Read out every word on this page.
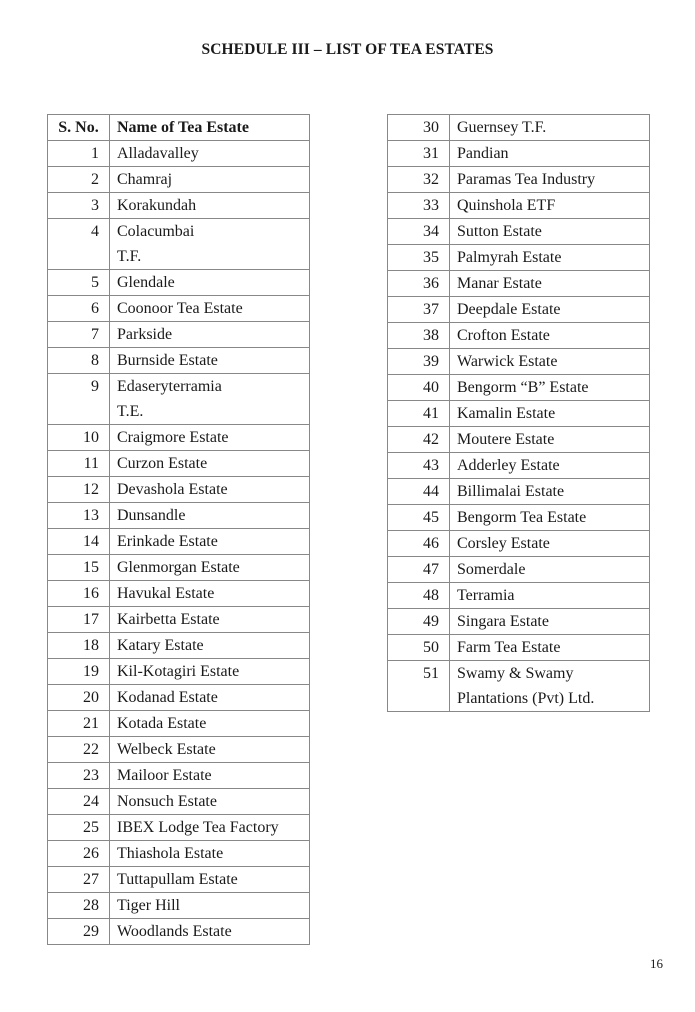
SCHEDULE III – LIST OF TEA ESTATES
S. No.	Name of Tea Estate
1	Alladavalley
2	Chamraj
3	Korakundah
4	Colacumbai
T.F.
5	Glendale
6	Coonoor Tea Estate
7	Parkside
8	Burnside Estate
9	Edaseryterramia
T.E.
10	Craigmore Estate
11	Curzon Estate
12	Devashola Estate
13	Dunsandle
14	Erinkade Estate
15	Glenmorgan Estate
16	Havukal Estate
17	Kairbetta Estate
18	Katary Estate
19	Kil-Kotagiri Estate
20	Kodanad Estate
21	Kotada Estate
22	Welbeck Estate
23	Mailoor Estate
24	Nonsuch Estate
25	IBEX Lodge Tea Factory
26	Thiashola Estate
27	Tuttapullam Estate
28	Tiger Hill
29	Woodlands Estate
30	Guernsey T.F.
31	Pandian
32	Paramas Tea Industry
33	Quinshola ETF
34	Sutton Estate
35	Palmyrah Estate
36	Manar Estate
37	Deepdale Estate
38	Crofton Estate
39	Warwick Estate
40	Bengorm “B” Estate
41	Kamalin Estate
42	Moutere Estate
43	Adderley Estate
44	Billimalai Estate
45	Bengorm Tea Estate
46	Corsley Estate
47	Somerdale
48	Terramia
49	Singara Estate
50	Farm Tea Estate
51	Swamy & Swamy
Plantations (Pvt) Ltd.
16
